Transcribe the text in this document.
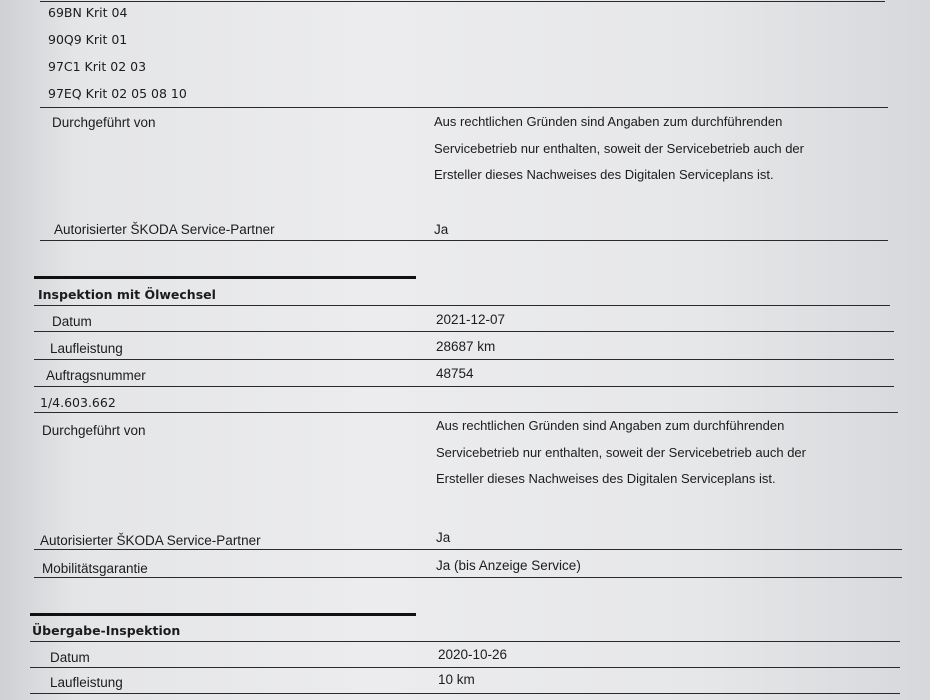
69BN Krit 04
90Q9 Krit 01
97C1 Krit 02 03
97EQ Krit 02 05 08 10
Durchgeführt von	Aus rechtlichen Gründen sind Angaben zum durchführenden
Servicebetrieb nur enthalten, soweit der Servicebetrieb auch der
Ersteller dieses Nachweises des Digitalen Serviceplans ist.
Autorisierter ŠKODA Service-Partner	Ja
Inspektion mit Ölwechsel
Datum	2021-12-07
Laufleistung	28687 km
Auftragsnummer	48754
1/4.603.662
Durchgeführt von	Aus rechtlichen Gründen sind Angaben zum durchführenden
Servicebetrieb nur enthalten, soweit der Servicebetrieb auch der
Ersteller dieses Nachweises des Digitalen Serviceplans ist.
Autorisierter ŠKODA Service-Partner	Ja
Mobilitätsgarantie	Ja (bis Anzeige Service)
Übergabe-Inspektion
Datum	2020-10-26
Laufleistung	10 km
